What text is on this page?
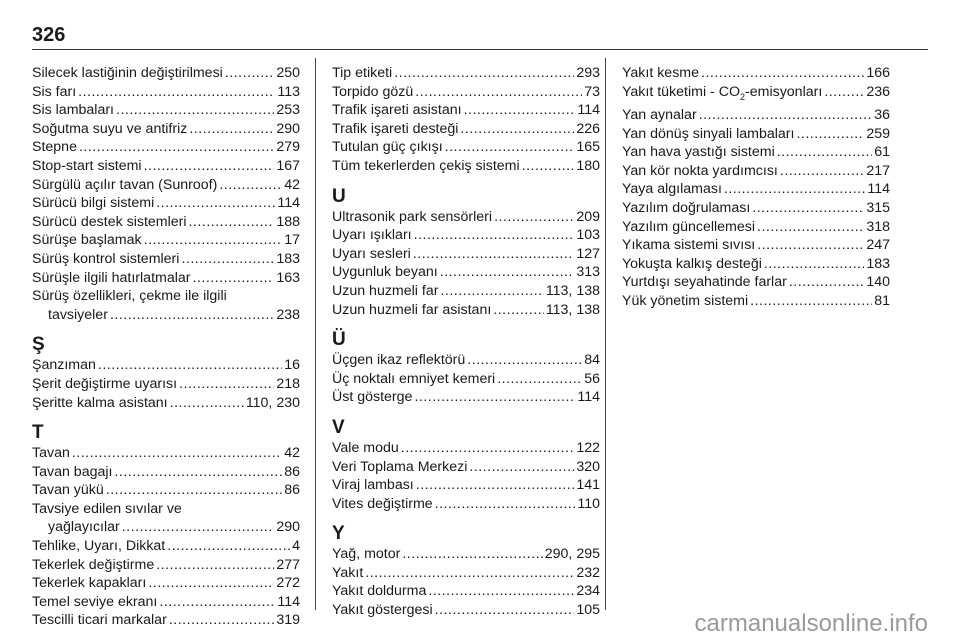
326
Silecek lastiğinin değiştirilmesi .....	250
Sis farı .....	113
Sis lambaları .....	253
Soğutma suyu ve antifriz .....	290
Stepne .....	279
Stop-start sistemi .....	167
Sürgülü açılır tavan (Sunroof) .....	42
Sürücü bilgi sistemi .....	114
Sürücü destek sistemleri .....	188
Sürüşe başlamak .....	17
Sürüş kontrol sistemleri .....	183
Sürüşle ilgili hatırlatmalar .....	163
Sürüş özellikleri, çekme ile ilgili
tavsiyeler .....	238
Ş
Şanzıman .....	16
Şerit değiştirme uyarısı .....	218
Şeritte kalma asistanı .....	110, 230
T
Tavan .....	42
Tavan bagajı .....	86
Tavan yükü .....	86
Tavsiye edilen sıvılar ve
yağlayıcılar .....	290
Tehlike, Uyarı, Dikkat .....	4
Tekerlek değiştirme .....	277
Tekerlek kapakları .....	272
Temel seviye ekranı .....	114
Tescilli ticari markalar .....	319
Tip etiketi .....	293
Torpido gözü .....	73
Trafik işareti asistanı .....	114
Trafik işareti desteği .....	226
Tutulan güç çıkışı .....	165
Tüm tekerlerden çekiş sistemi .....	180
U
Ultrasonik park sensörleri .....	209
Uyarı ışıkları .....	103
Uyarı sesleri .....	127
Uygunluk beyanı .....	313
Uzun huzmeli far .....	113, 138
Uzun huzmeli far asistanı .....	113, 138
Ü
Üçgen ikaz reflektörü .....	84
Üç noktalı emniyet kemeri .....	56
Üst gösterge .....	114
V
Vale modu .....	122
Veri Toplama Merkezi .....	320
Viraj lambası .....	141
Vites değiştirme .....	110
Y
Yağ, motor .....	290, 295
Yakıt .....	232
Yakıt doldurma .....	234
Yakıt göstergesi .....	105
Yakıt kesme .....	166
Yakıt tüketimi - $CO_2$-emisyonları .....	236
Yan aynalar .....	36
Yan dönüş sinyali lambaları .....	259
Yan hava yastığı sistemi .....	61
Yan kör nokta yardımcısı .....	217
Yaya algılaması .....	114
Yazılım doğrulaması .....	315
Yazılım güncellemesi .....	318
Yıkama sistemi sıvısı .....	247
Yokuşta kalkış desteği .....	183
Yurtdışı seyahatinde farlar .....	140
Yük yönetim sistemi .....	81
carmanualsonline.info
